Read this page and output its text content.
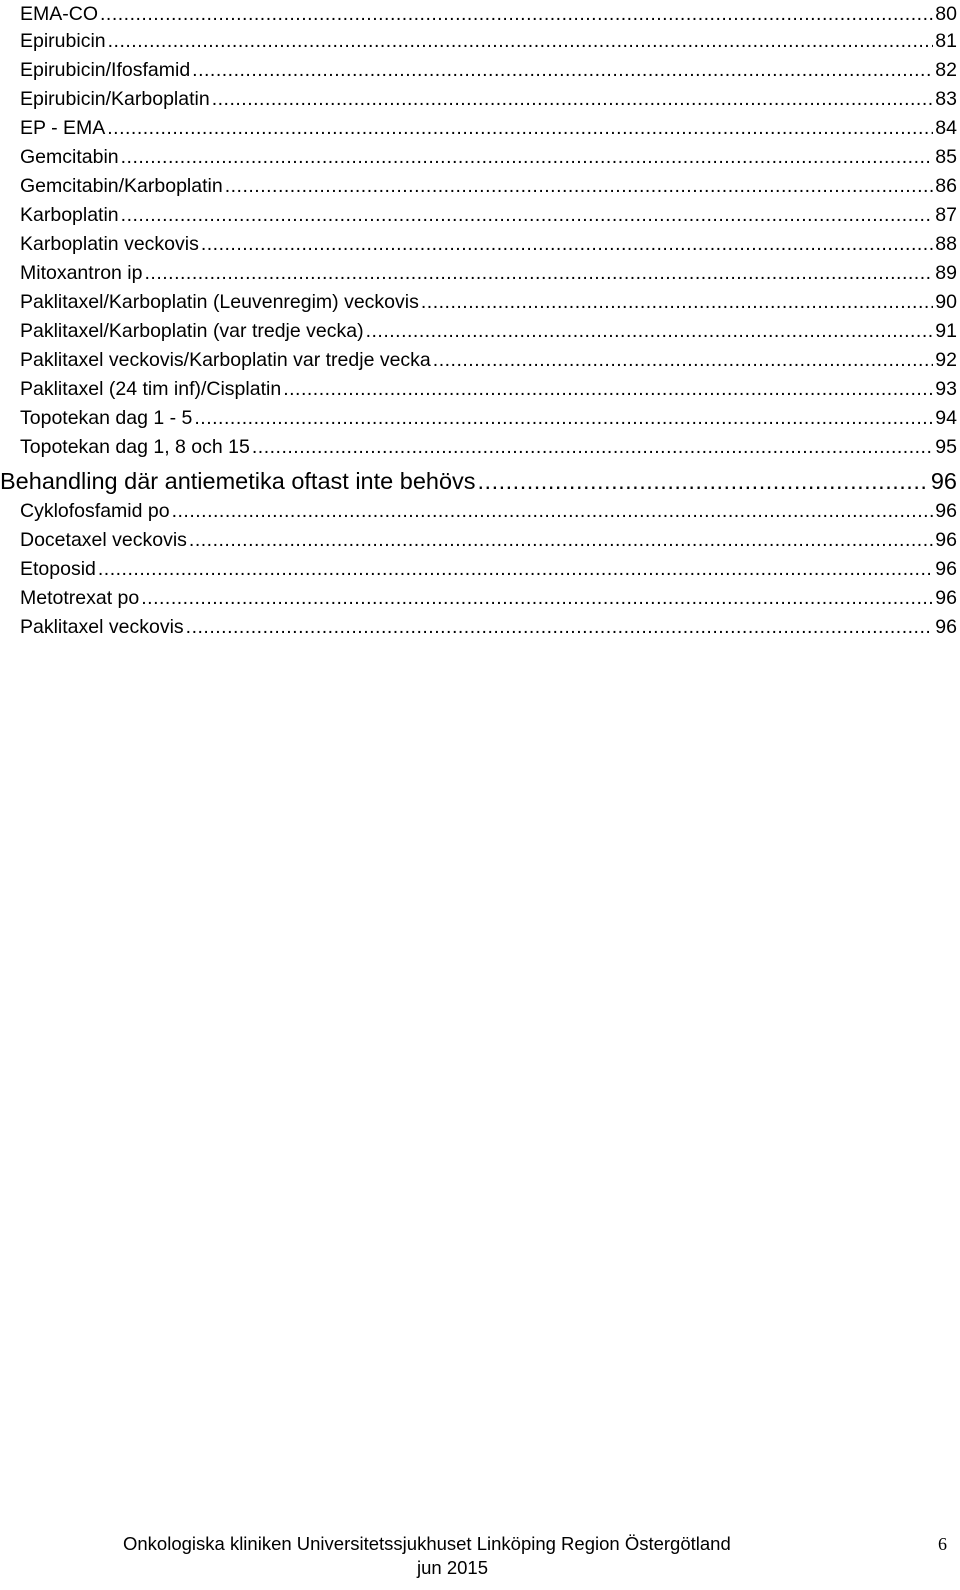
EMA-CO .....	80
Epirubicin .....	81
Epirubicin/Ifosfamid .....	82
Epirubicin/Karboplatin .....	83
EP - EMA .....	84
Gemcitabin .....	85
Gemcitabin/Karboplatin .....	86
Karboplatin .....	87
Karboplatin veckovis .....	88
Mitoxantron ip .....	89
Paklitaxel/Karboplatin (Leuvenregim) veckovis .....	90
Paklitaxel/Karboplatin (var tredje vecka) .....	91
Paklitaxel veckovis/Karboplatin var tredje vecka .....	92
Paklitaxel (24 tim inf)/Cisplatin .....	93
Topotekan dag 1 - 5 .....	94
Topotekan dag 1, 8 och 15 .....	95
Behandling där antiemetika oftast inte behövs .....	96
Cyklofosfamid po .....	96
Docetaxel veckovis .....	96
Etoposid .....	96
Metotrexat po .....	96
Paklitaxel veckovis .....	96
Onkologiska kliniken Universitetssjukhuset Linköping Region Östergötland
jun 2015
6
